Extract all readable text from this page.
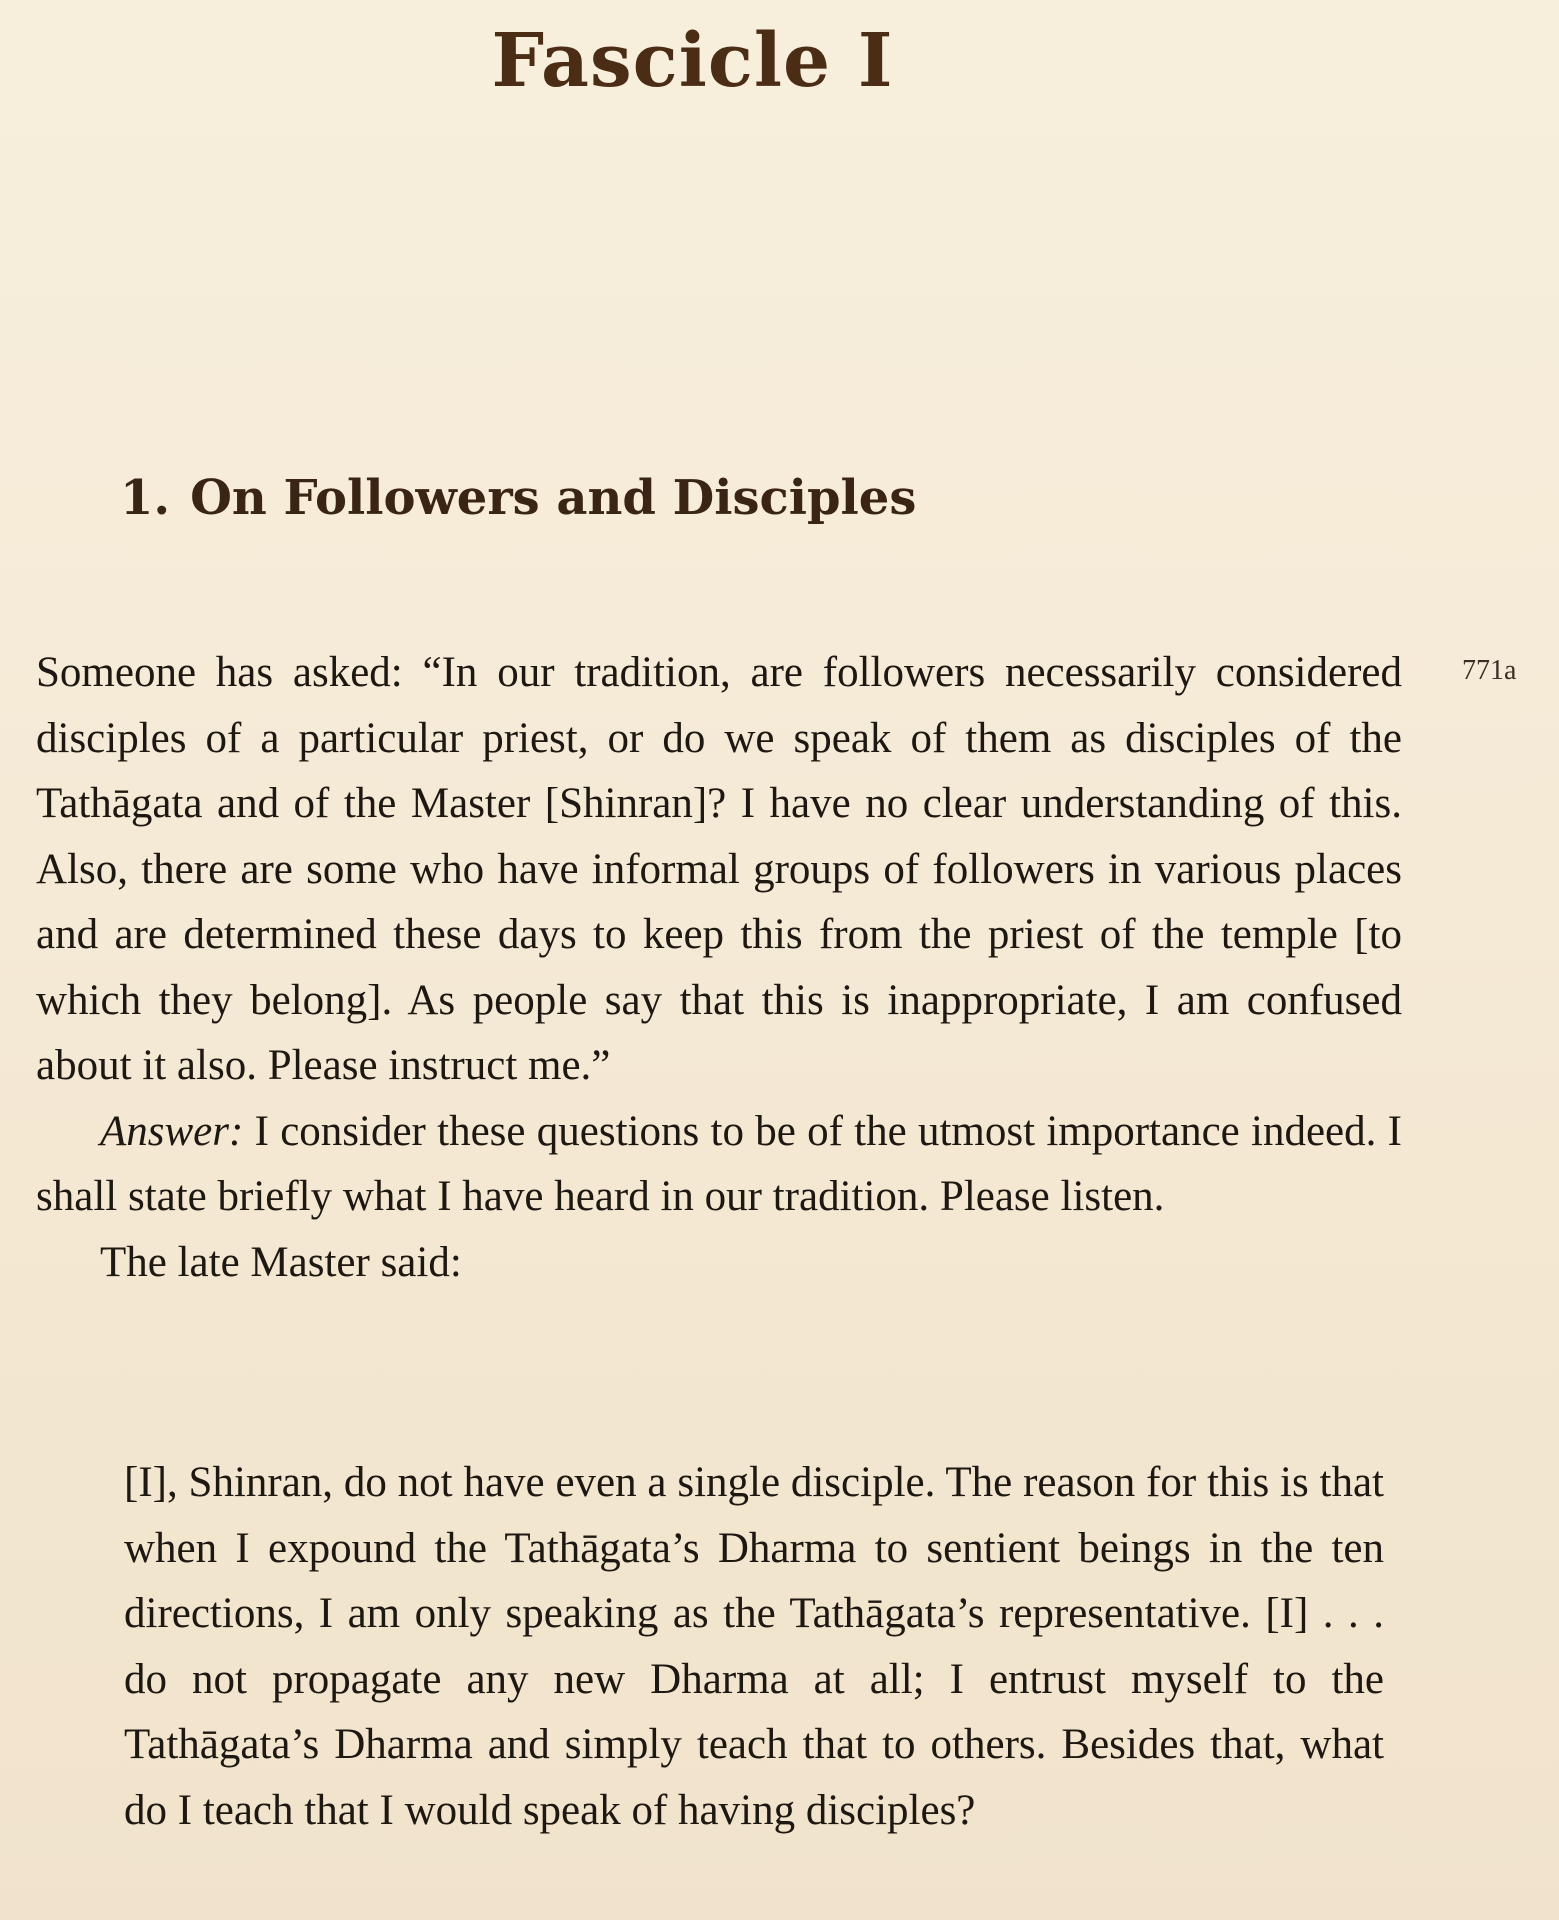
Fascicle I
1. On Followers and Disciples
771a

Someone has asked: “In our tradition, are followers necessarily considered disciples of a particular priest, or do we speak of them as disciples of the Tathāgata and of the Master [Shinran]? I have no clear understanding of this. Also, there are some who have informal groups of followers in various places and are determined these days to keep this from the priest of the temple [to which they belong]. As people say that this is inappropriate, I am confused about it also. Please instruct me.”

Answer: I consider these questions to be of the utmost importance indeed. I shall state briefly what I have heard in our tradition. Please listen.

The late Master said:

[I], Shinran, do not have even a single disciple. The reason for this is that when I expound the Tathāgata’s Dharma to sentient beings in the ten directions, I am only speaking as the Tathāgata’s representative. [I] . . . do not propagate any new Dharma at all; I entrust myself to the Tathāgata’s Dharma and simply teach that to others. Besides that, what do I teach that I would speak of having disciples?
